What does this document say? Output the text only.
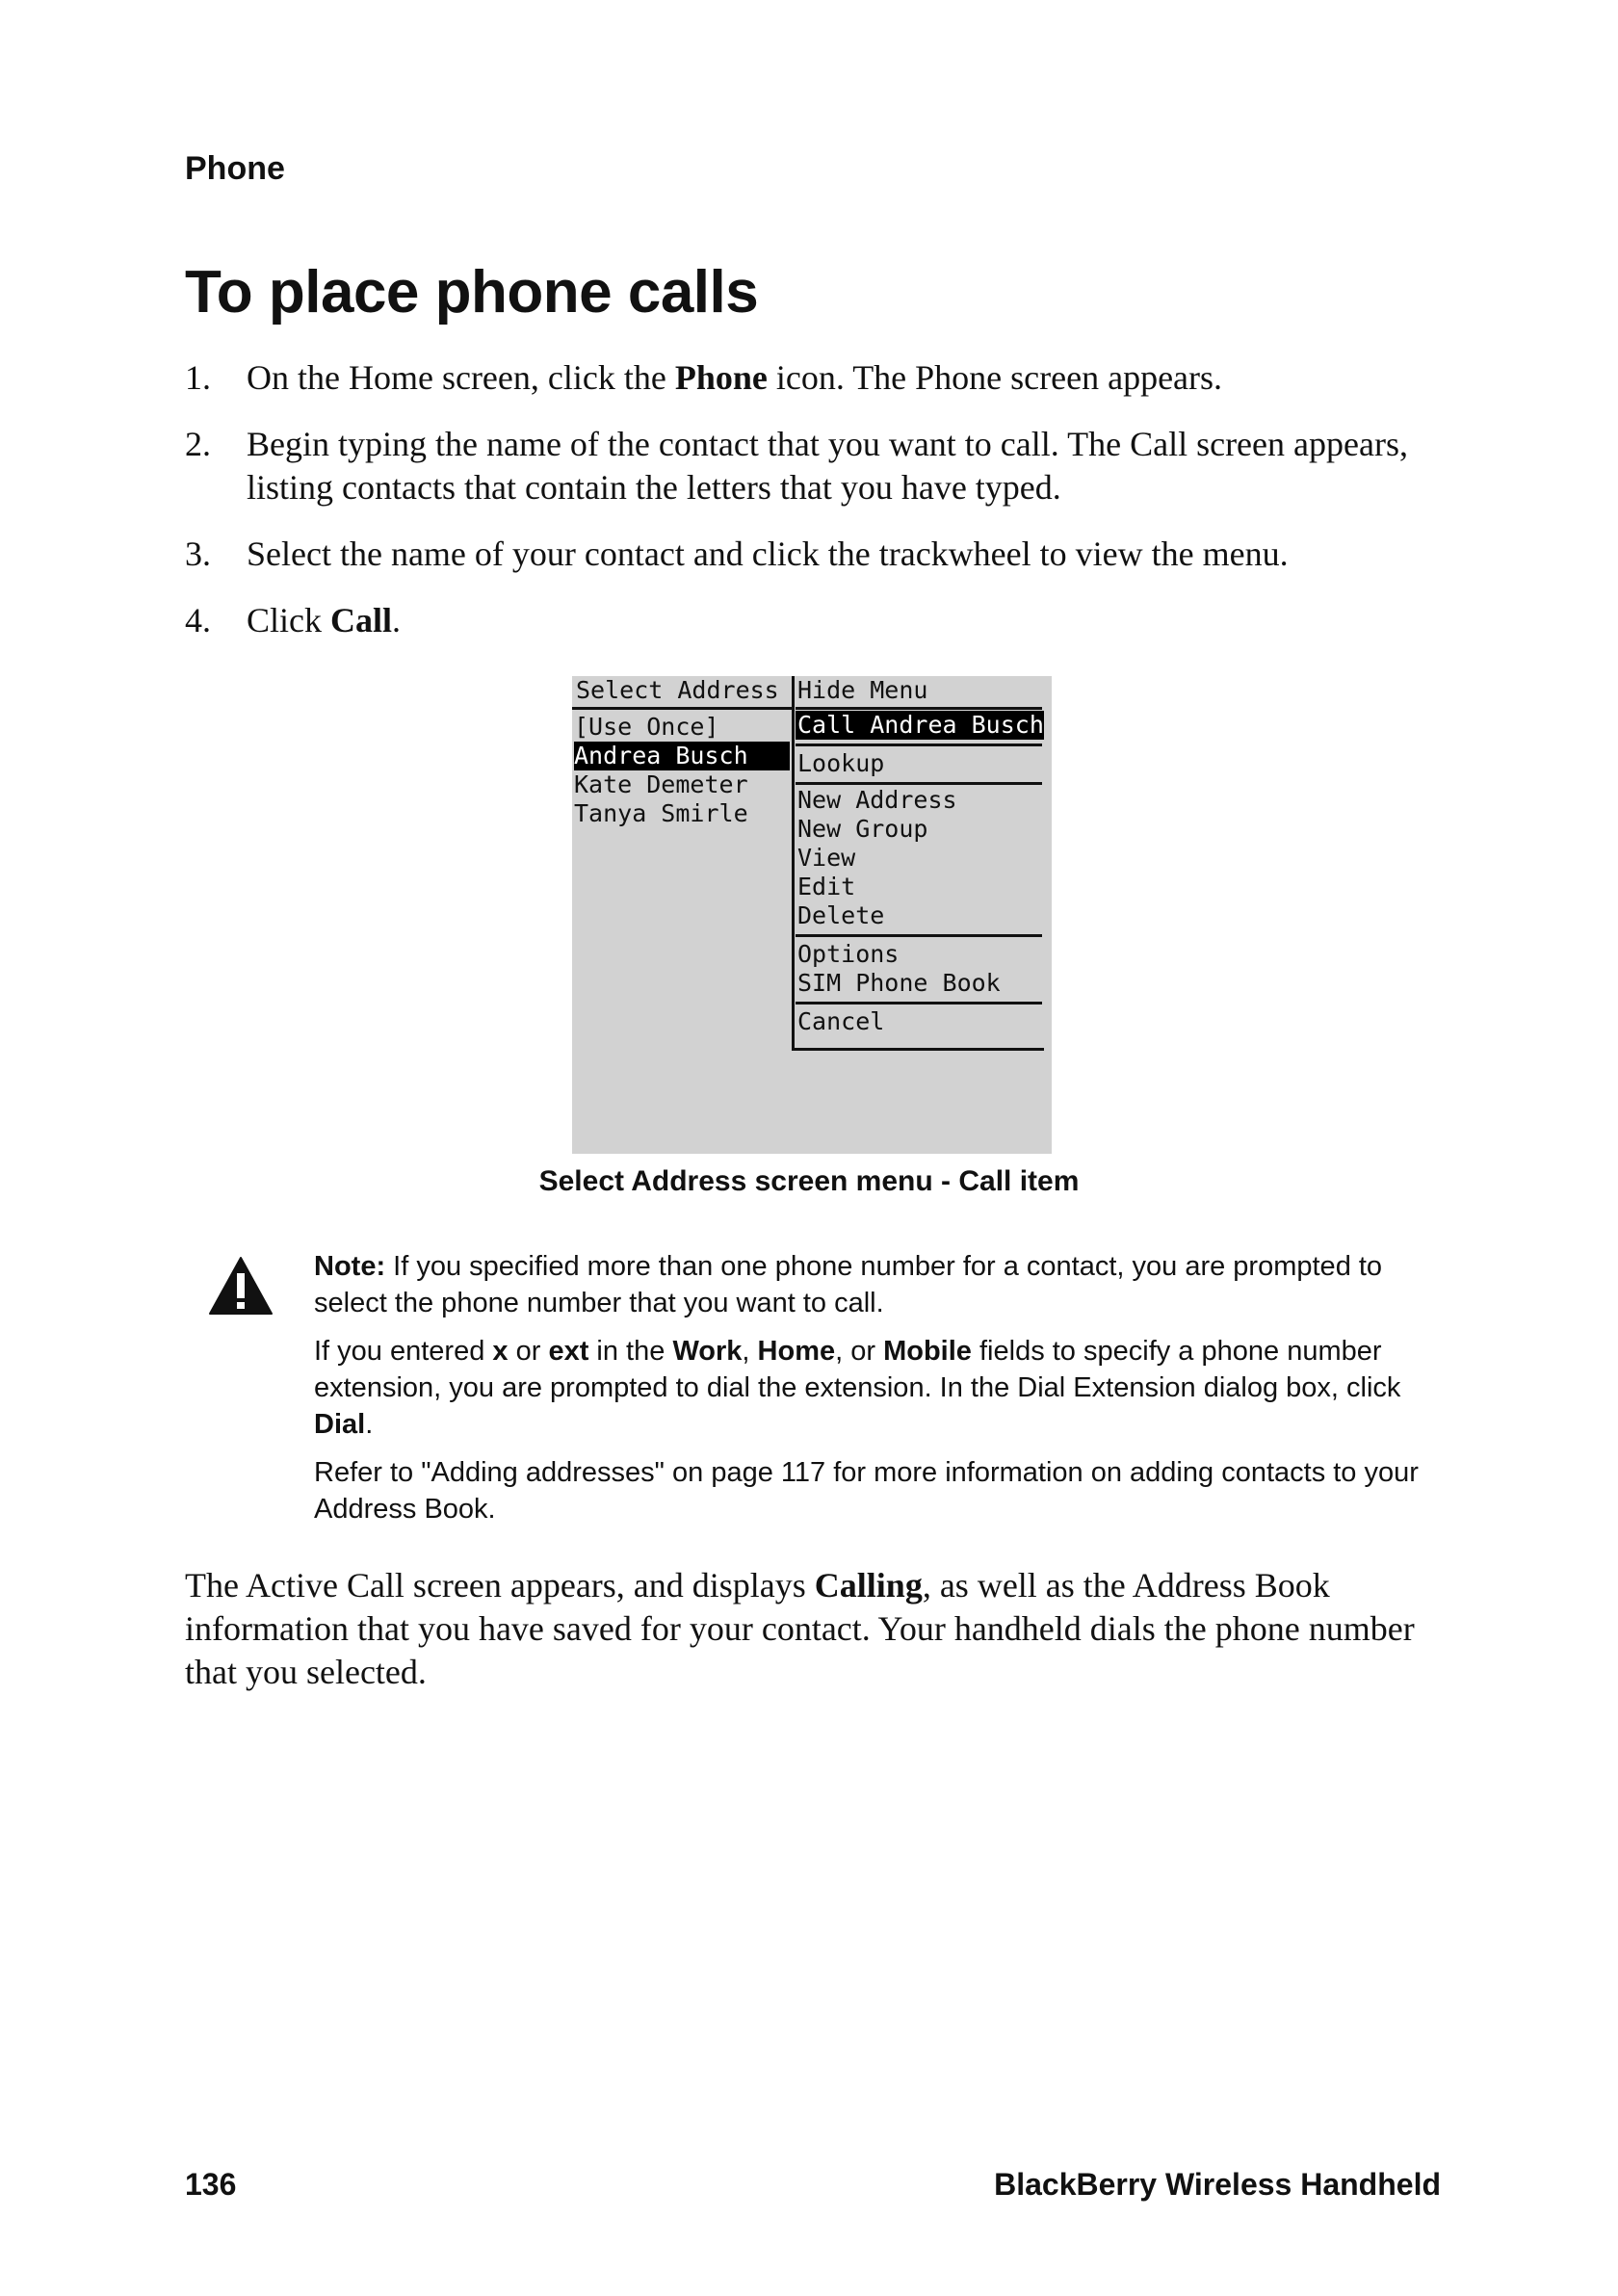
Phone
To place phone calls
1. On the Home screen, click the Phone icon. The Phone screen appears.
2. Begin typing the name of the contact that you want to call. The Call screen appears, listing contacts that contain the letters that you have typed.
3. Select the name of your contact and click the trackwheel to view the menu.
4. Click Call.
Select Address
[Use Once]
Andrea Busch
Kate Demeter
Tanya Smirle
Hide Menu
Call Andrea Busch
Lookup
New Address
New Group
View
Edit
Delete
Options
SIM Phone Book
Cancel
Select Address screen menu - Call item

Note: If you specified more than one phone number for a contact, you are prompted to select the phone number that you want to call.

If you entered x or ext in the Work, Home, or Mobile fields to specify a phone number extension, you are prompted to dial the extension. In the Dial Extension dialog box, click Dial.

Refer to "Adding addresses" on page 117 for more information on adding contacts to your Address Book.

The Active Call screen appears, and displays Calling, as well as the Address Book information that you have saved for your contact. Your handheld dials the phone number that you selected.

136	BlackBerry Wireless Handheld
